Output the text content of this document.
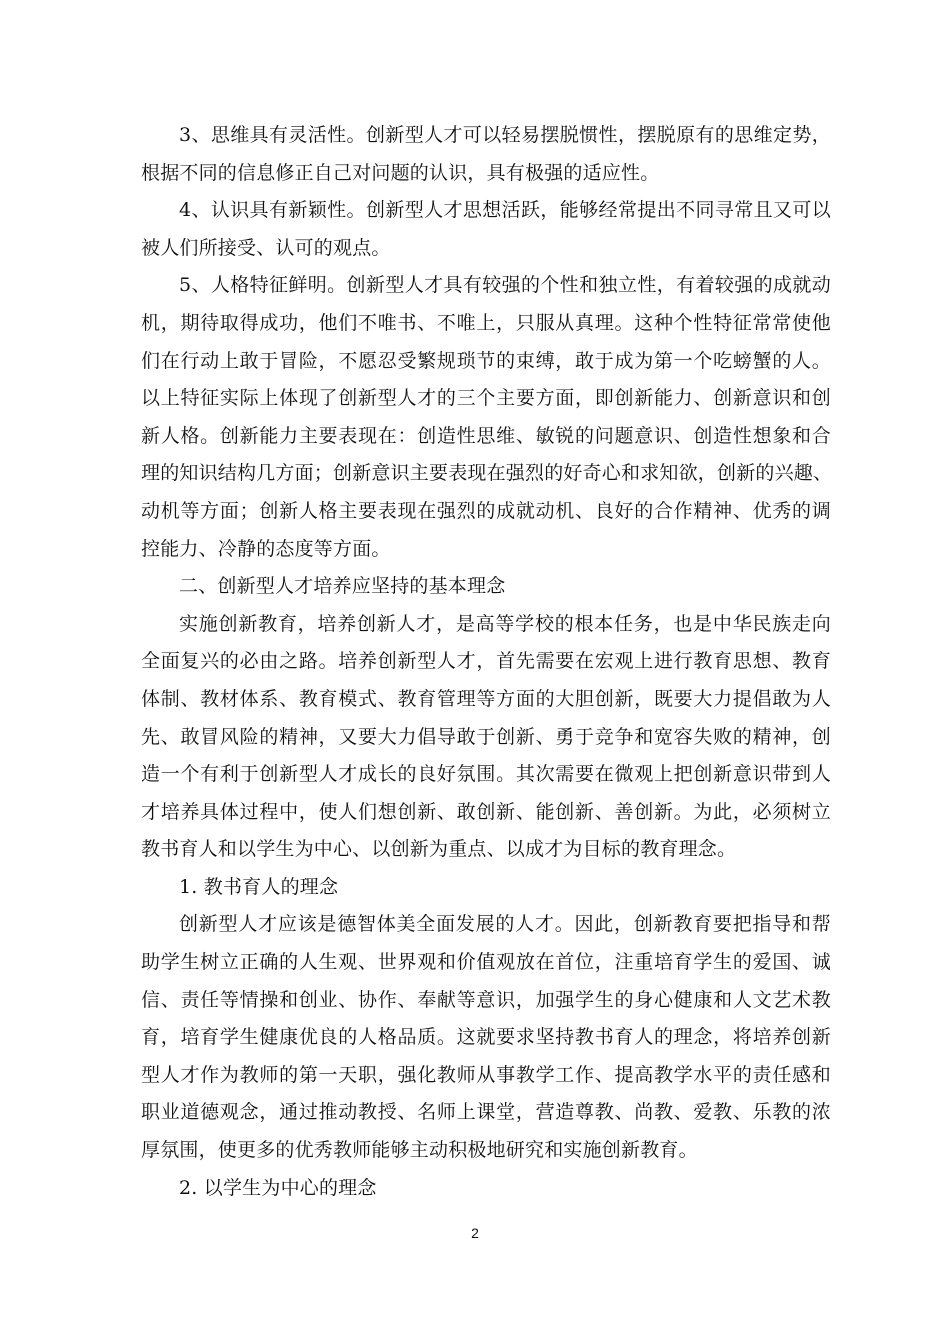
3、思维具有灵活性。创新型人才可以轻易摆脱惯性，摆脱原有的思维定势，
根据不同的信息修正自己对问题的认识，具有极强的适应性。
4、认识具有新颖性。创新型人才思想活跃，能够经常提出不同寻常且又可以
被人们所接受、认可的观点。
5、人格特征鲜明。创新型人才具有较强的个性和独立性，有着较强的成就动
机，期待取得成功，他们不唯书、不唯上，只服从真理。这种个性特征常常使他
们在行动上敢于冒险，不愿忍受繁规琐节的束缚，敢于成为第一个吃螃蟹的人。
以上特征实际上体现了创新型人才的三个主要方面，即创新能力、创新意识和创
新人格。创新能力主要表现在：创造性思维、敏锐的问题意识、创造性想象和合
理的知识结构几方面；创新意识主要表现在强烈的好奇心和求知欲，创新的兴趣、
动机等方面；创新人格主要表现在强烈的成就动机、良好的合作精神、优秀的调
控能力、冷静的态度等方面。
二、创新型人才培养应坚持的基本理念
实施创新教育，培养创新人才，是高等学校的根本任务，也是中华民族走向
全面复兴的必由之路。培养创新型人才，首先需要在宏观上进行教育思想、教育
体制、教材体系、教育模式、教育管理等方面的大胆创新，既要大力提倡敢为人
先、敢冒风险的精神，又要大力倡导敢于创新、勇于竞争和宽容失败的精神，创
造一个有利于创新型人才成长的良好氛围。其次需要在微观上把创新意识带到人
才培养具体过程中，使人们想创新、敢创新、能创新、善创新。为此，必须树立
教书育人和以学生为中心、以创新为重点、以成才为目标的教育理念。
1. 教书育人的理念
创新型人才应该是德智体美全面发展的人才。因此，创新教育要把指导和帮
助学生树立正确的人生观、世界观和价值观放在首位，注重培育学生的爱国、诚
信、责任等情操和创业、协作、奉献等意识，加强学生的身心健康和人文艺术教
育，培育学生健康优良的人格品质。这就要求坚持教书育人的理念，将培养创新
型人才作为教师的第一天职，强化教师从事教学工作、提高教学水平的责任感和
职业道德观念，通过推动教授、名师上课堂，营造尊教、尚教、爱教、乐教的浓
厚氛围，使更多的优秀教师能够主动积极地研究和实施创新教育。
2. 以学生为中心的理念
2
